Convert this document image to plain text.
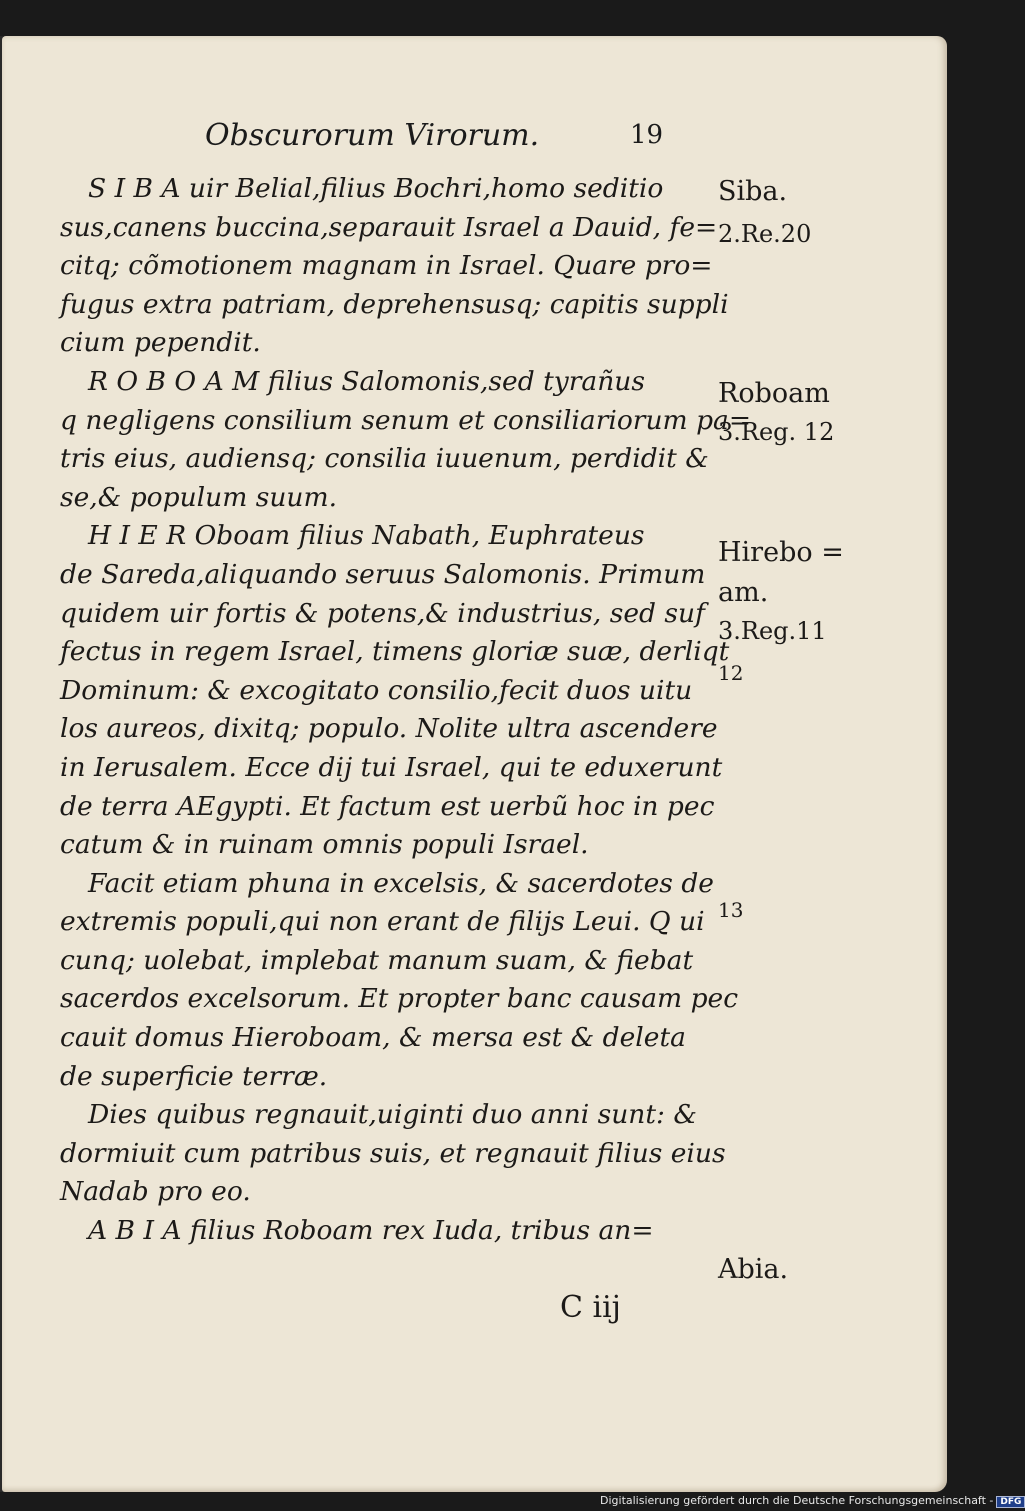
Obscurorum Virorum.	19
S I B A uir Belial,filius Bochri,homo seditio
sus,canens buccina,separauit Israel a Dauid, fe=
citq; cõmotionem magnam in Israel. Quare pro=
fugus extra patriam, deprehensusq; capitis suppli
cium pependit.
R O B O A M filius Salomonis,sed tyrañus
q negligens consilium senum et consiliariorum pa=
tris eius, audiensq; consilia iuuenum, perdidit &
se,& populum suum.
H I E R Oboam filius Nabath, Euphrateus
de Sareda,aliquando seruus Salomonis. Primum
quidem uir fortis & potens,& industrius, sed suf
fectus in regem Israel, timens gloriæ suæ, derliqt
Dominum: & excogitato consilio,fecit duos uitu
los aureos, dixitq; populo. Nolite ultra ascendere
in Ierusalem. Ecce dij tui Israel, qui te eduxerunt
de terra AEgypti. Et factum est uerbũ hoc in pec
catum & in ruinam omnis populi Israel.
Facit etiam phuna in excelsis, & sacerdotes de
extremis populi,qui non erant de filijs Leui. Q ui
cunq; uolebat, implebat manum suam, & fiebat
sacerdos excelsorum. Et propter banc causam pec
cauit domus Hieroboam, & mersa est & deleta
de superficie terræ.
Dies quibus regnauit,uiginti duo anni sunt: &
dormiuit cum patribus suis, et regnauit filius eius
Nadab pro eo.
A B I A filius Roboam rex Iuda, tribus an=
Siba.
2.Re.20
Roboam
3.Reg. 12
Hirebo =
am.
3.Reg.11
12
13
Abia.
C iij
Digitalisierung gefördert durch die Deutsche Forschungsgemeinschaft - DFG
